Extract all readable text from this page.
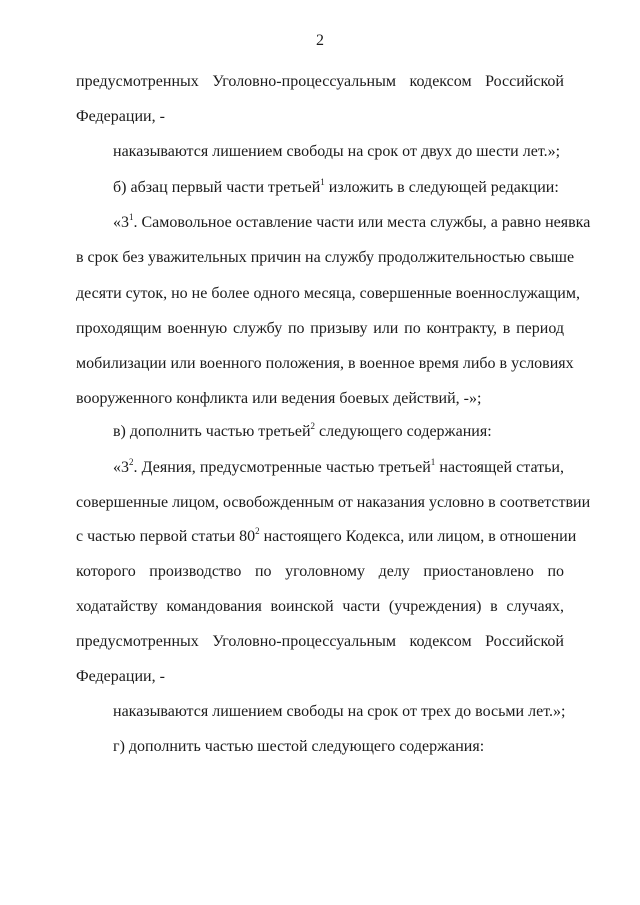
2
предусмотренных Уголовно-процессуальным кодексом Российской
Федерации, -
наказываются лишением свободы на срок от двух до шести лет.»;
б) абзац первый части третьей$^1$ изложить в следующей редакции:
«$3^1$. Самовольное оставление части или места службы, а равно неявка
в срок без уважительных причин на службу продолжительностью свыше
десяти суток, но не более одного месяца, совершенные военнослужащим,
проходящим военную службу по призыву или по контракту, в период
мобилизации или военного положения, в военное время либо в условиях
вооруженного конфликта или ведения боевых действий, -»;
в) дополнить частью третьей$^2$ следующего содержания:
«$3^2$. Деяния, предусмотренные частью третьей$^1$ настоящей статьи,
совершенные лицом, освобожденным от наказания условно в соответствии
с частью первой статьи $80^2$ настоящего Кодекса, или лицом, в отношении
которого производство по уголовному делу приостановлено по
ходатайству командования воинской части (учреждения) в случаях,
предусмотренных Уголовно-процессуальным кодексом Российской
Федерации, -
наказываются лишением свободы на срок от трех до восьми лет.»;
г) дополнить частью шестой следующего содержания:
